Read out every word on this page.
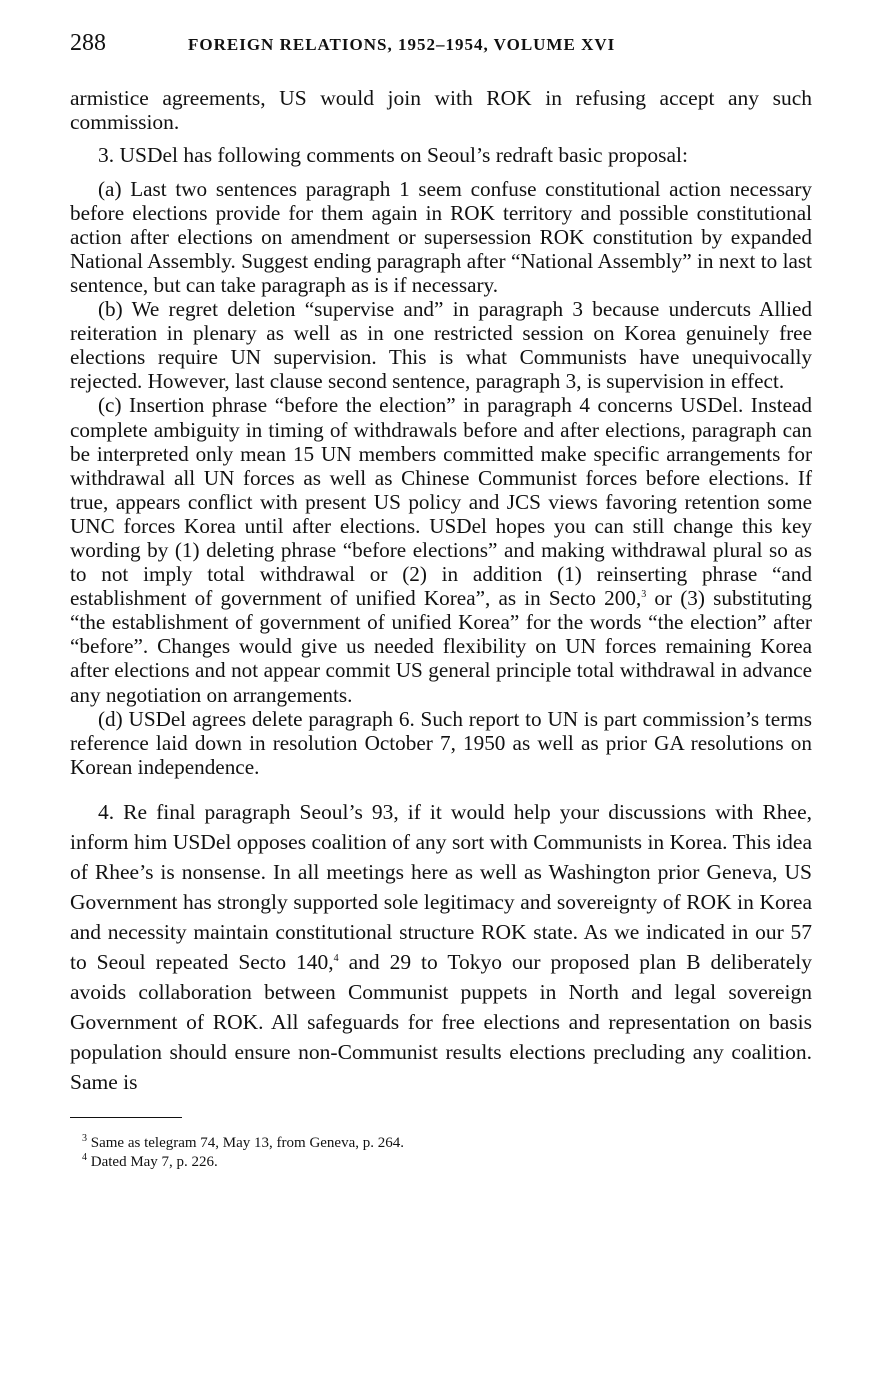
288	FOREIGN RELATIONS, 1952–1954, VOLUME XVI

armistice agreements, US would join with ROK in refusing accept any such commission.

3. USDel has following comments on Seoul’s redraft basic proposal:

(a) Last two sentences paragraph 1 seem confuse constitutional action necessary before elections provide for them again in ROK territory and possible constitutional action after elections on amendment or supersession ROK constitution by expanded National Assembly. Suggest ending paragraph after “National Assembly” in next to last sentence, but can take paragraph as is if necessary.

(b) We regret deletion “supervise and” in paragraph 3 because undercuts Allied reiteration in plenary as well as in one restricted session on Korea genuinely free elections require UN supervision. This is what Communists have unequivocally rejected. However, last clause second sentence, paragraph 3, is supervision in effect.

(c) Insertion phrase “before the election” in paragraph 4 concerns USDel. Instead complete ambiguity in timing of withdrawals before and after elections, paragraph can be interpreted only mean 15 UN members committed make specific arrangements for withdrawal all UN forces as well as Chinese Communist forces before elections. If true, appears conflict with present US policy and JCS views favoring retention some UNC forces Korea until after elections. USDel hopes you can still change this key wording by (1) deleting phrase “before elections” and making withdrawal plural so as to not imply total withdrawal or (2) in addition (1) reinserting phrase “and establishment of government of unified Korea”, as in Secto 200,$^3$ or (3) substituting “the establishment of government of unified Korea” for the words “the election” after “before”. Changes would give us needed flexibility on UN forces remaining Korea after elections and not appear commit US general principle total withdrawal in advance any negotiation on arrangements.

(d) USDel agrees delete paragraph 6. Such report to UN is part commission’s terms reference laid down in resolution October 7, 1950 as well as prior GA resolutions on Korean independence.

4. Re final paragraph Seoul’s 93, if it would help your discussions with Rhee, inform him USDel opposes coalition of any sort with Communists in Korea. This idea of Rhee’s is nonsense. In all meetings here as well as Washington prior Geneva, US Government has strongly supported sole legitimacy and sovereignty of ROK in Korea and necessity maintain constitutional structure ROK state. As we indicated in our 57 to Seoul repeated Secto 140,$^4$ and 29 to Tokyo our proposed plan B deliberately avoids collaboration between Communist puppets in North and legal sovereign Government of ROK. All safeguards for free elections and representation on basis population should ensure non-Communist results elections precluding any coalition. Same is

$^3$ Same as telegram 74, May 13, from Geneva, p. 264.

$^4$ Dated May 7, p. 226.
